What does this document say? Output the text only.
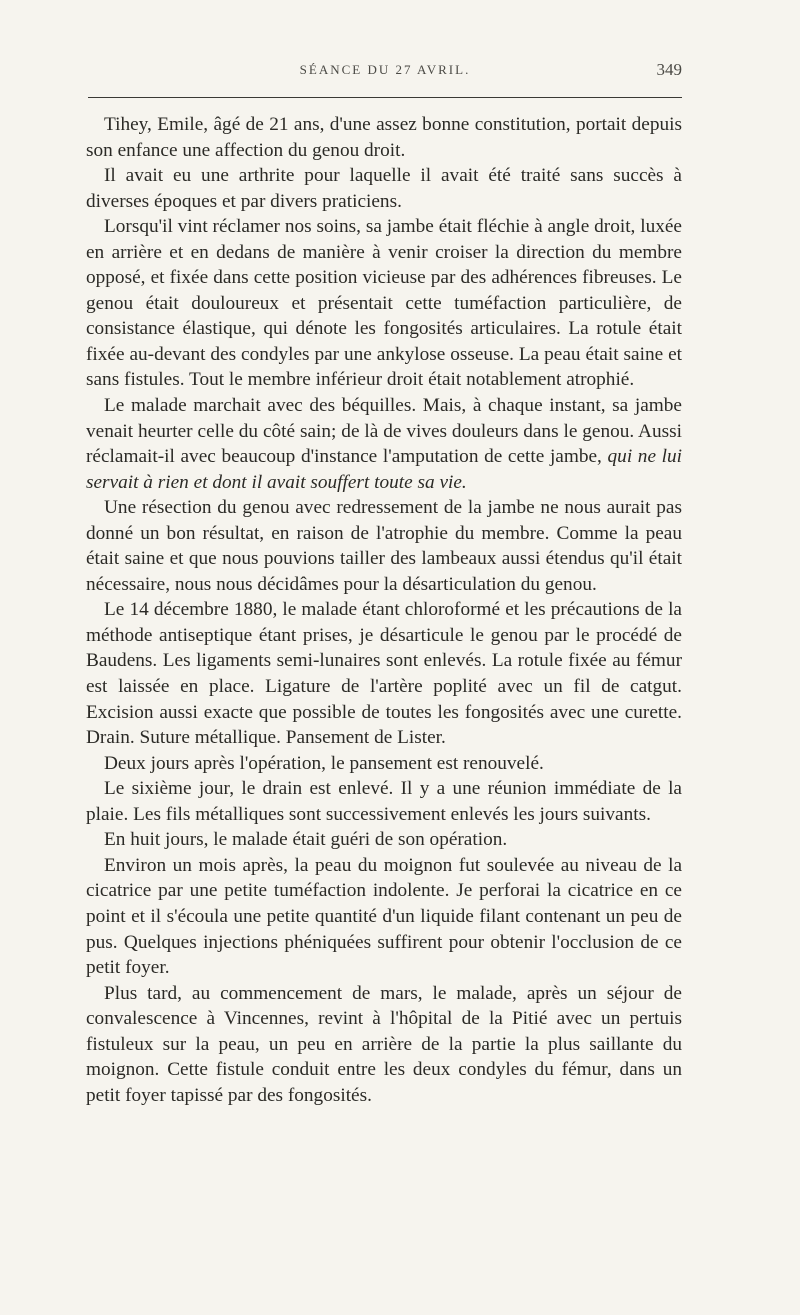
SÉANCE DU 27 AVRIL.	349

Tihey, Emile, âgé de 21 ans, d'une assez bonne constitution, portait depuis son enfance une affection du genou droit.

Il avait eu une arthrite pour laquelle il avait été traité sans succès à diverses époques et par divers praticiens.

Lorsqu'il vint réclamer nos soins, sa jambe était fléchie à angle droit, luxée en arrière et en dedans de manière à venir croiser la direction du membre opposé, et fixée dans cette position vicieuse par des adhérences fibreuses. Le genou était douloureux et présentait cette tuméfaction particulière, de consistance élastique, qui dénote les fongosités articulaires. La rotule était fixée au-devant des condyles par une ankylose osseuse. La peau était saine et sans fistules. Tout le membre inférieur droit était notablement atrophié.

Le malade marchait avec des béquilles. Mais, à chaque instant, sa jambe venait heurter celle du côté sain; de là de vives douleurs dans le genou. Aussi réclamait-il avec beaucoup d'instance l'amputation de cette jambe, qui ne lui servait à rien et dont il avait souffert toute sa vie.

Une résection du genou avec redressement de la jambe ne nous aurait pas donné un bon résultat, en raison de l'atrophie du membre. Comme la peau était saine et que nous pouvions tailler des lambeaux aussi étendus qu'il était nécessaire, nous nous décidâmes pour la désarticulation du genou.

Le 14 décembre 1880, le malade étant chloroformé et les précautions de la méthode antiseptique étant prises, je désarticule le genou par le procédé de Baudens. Les ligaments semi-lunaires sont enlevés. La rotule fixée au fémur est laissée en place. Ligature de l'artère poplité avec un fil de catgut. Excision aussi exacte que possible de toutes les fongosités avec une curette. Drain. Suture métallique. Pansement de Lister.

Deux jours après l'opération, le pansement est renouvelé.

Le sixième jour, le drain est enlevé. Il y a une réunion immédiate de la plaie. Les fils métalliques sont successivement enlevés les jours suivants.

En huit jours, le malade était guéri de son opération.

Environ un mois après, la peau du moignon fut soulevée au niveau de la cicatrice par une petite tuméfaction indolente. Je perforai la cicatrice en ce point et il s'écoula une petite quantité d'un liquide filant contenant un peu de pus. Quelques injections phéniquées suffirent pour obtenir l'occlusion de ce petit foyer.

Plus tard, au commencement de mars, le malade, après un séjour de convalescence à Vincennes, revint à l'hôpital de la Pitié avec un pertuis fistuleux sur la peau, un peu en arrière de la partie la plus saillante du moignon. Cette fistule conduit entre les deux condyles du fémur, dans un petit foyer tapissé par des fongosités.
